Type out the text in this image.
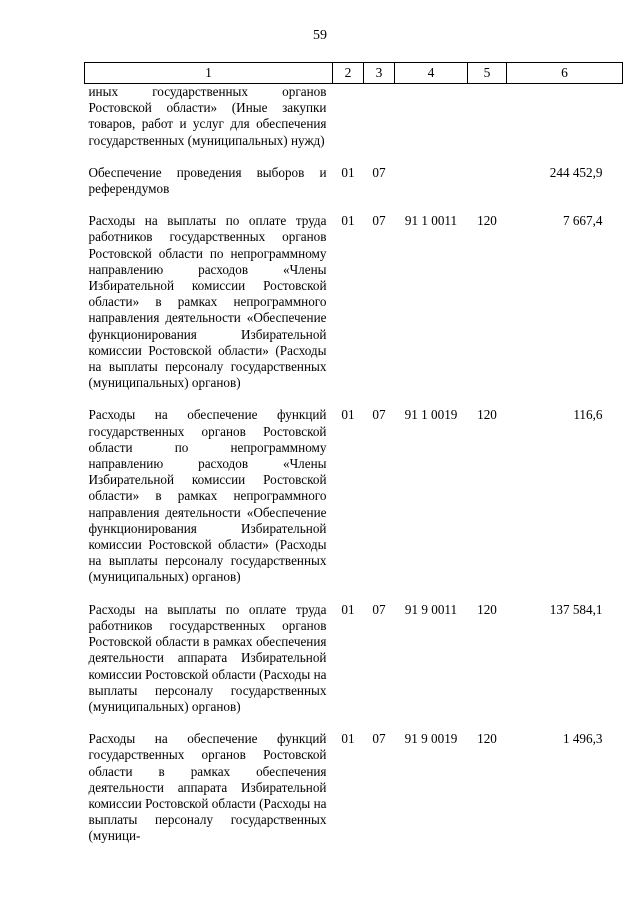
59
1	2	3	4	5	6
иных государственных органов Ростовской области» (Иные закупки товаров, работ и услуг для обеспечения государственных (муниципальных) нужд)					
Обеспечение проведения выборов и референдумов	01	07			244 452,9
Расходы на выплаты по оплате труда работников государственных органов Ростовской области по непрограммному направлению расходов «Члены Избирательной комиссии Ростовской области» в рамках непрограммного направления деятельности «Обеспечение функционирования Избирательной комиссии Ростовской области» (Расходы на выплаты персоналу государственных (муниципальных) органов)	01	07	91 1 0011	120	7 667,4
Расходы на обеспечение функций государственных органов Ростовской области по непрограммному направлению расходов «Члены Избирательной комиссии Ростовской области» в рамках непрограммного направления деятельности «Обеспечение функционирования Избирательной комиссии Ростовской области» (Расходы на выплаты персоналу государственных (муниципальных) органов)	01	07	91 1 0019	120	116,6
Расходы на выплаты по оплате труда работников государственных органов Ростовской области в рамках обеспечения деятельности аппарата Избирательной комиссии Ростовской области (Расходы на выплаты персоналу государственных (муниципальных) органов)	01	07	91 9 0011	120	137 584,1
Расходы на обеспечение функций государственных органов Ростовской области в рамках обеспечения деятельности аппарата Избирательной комиссии Ростовской области (Расходы на выплаты персоналу государственных (муници-	01	07	91 9 0019	120	1 496,3
